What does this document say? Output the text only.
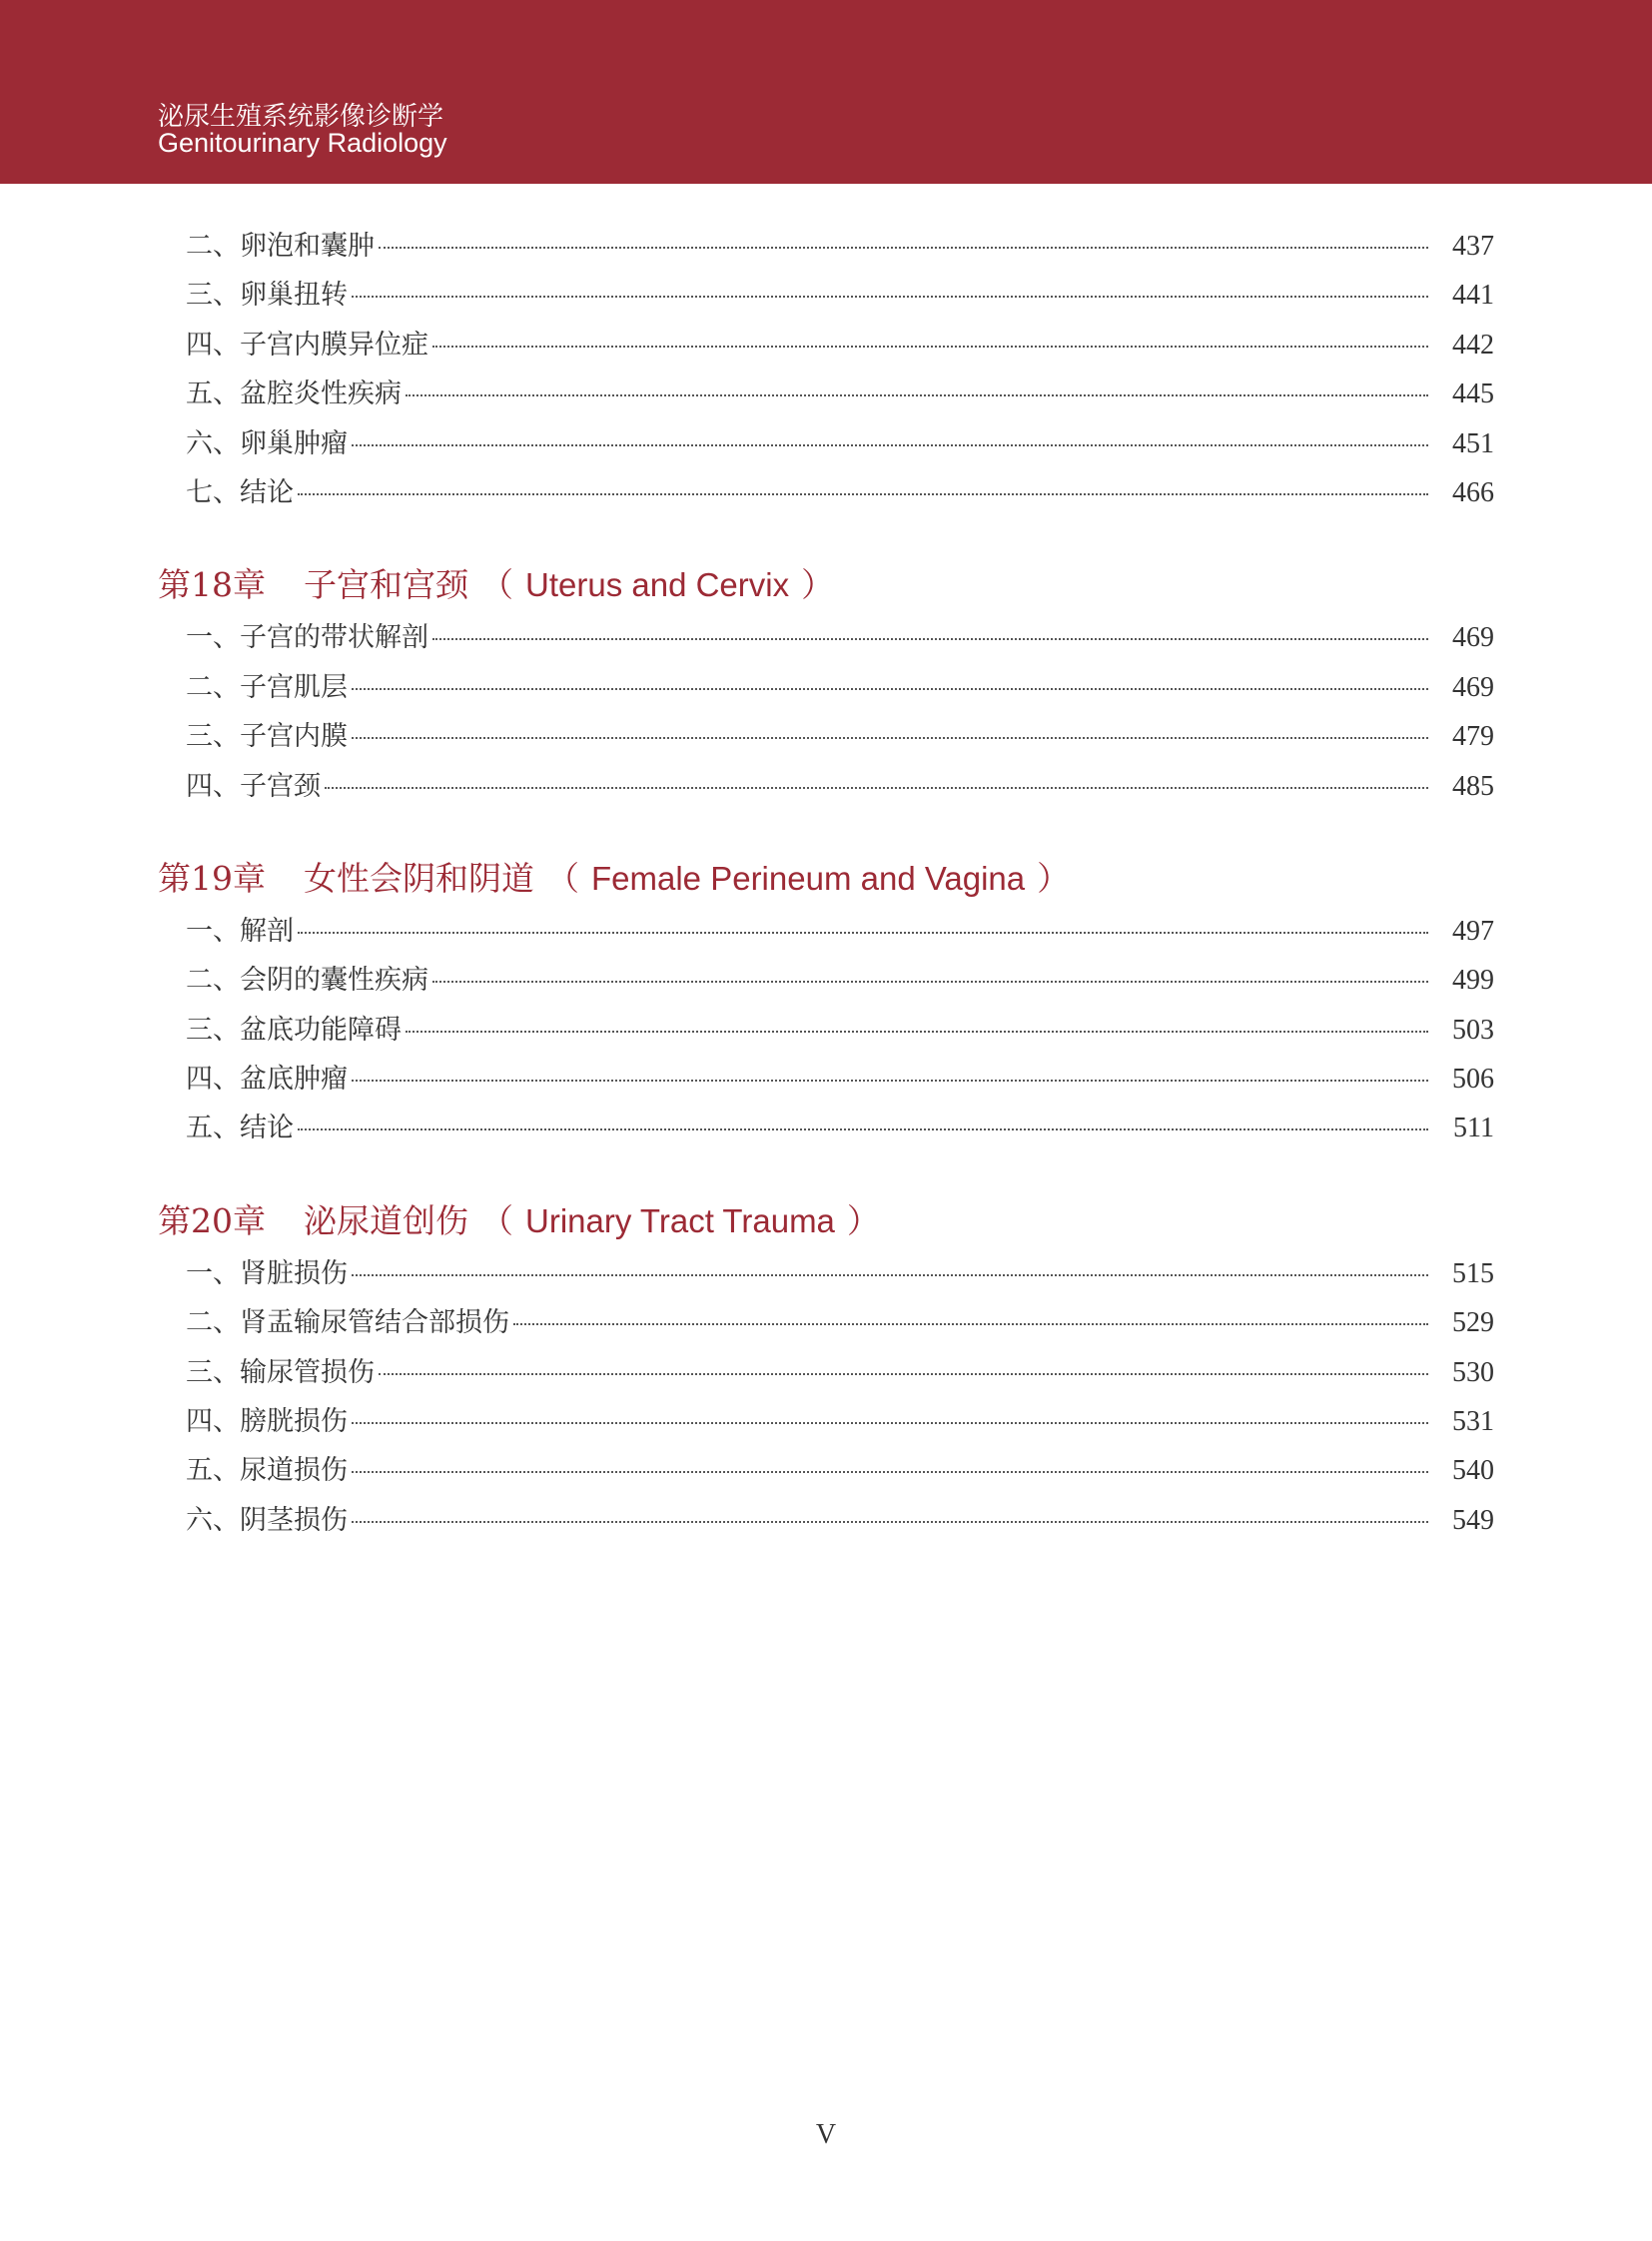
泌尿生殖系统影像诊断学
Genitourinary Radiology
二、卵泡和囊肿	437
三、卵巢扭转	441
四、子宫内膜异位症	442
五、盆腔炎性疾病	445
六、卵巢肿瘤	451
七、结论	466
第18章	子宫和宫颈 （ Uterus and Cervix ）
一、子宫的带状解剖	469
二、子宫肌层	469
三、子宫内膜	479
四、子宫颈	485
第19章	女性会阴和阴道 （ Female Perineum and Vagina ）
一、解剖	497
二、会阴的囊性疾病	499
三、盆底功能障碍	503
四、盆底肿瘤	506
五、结论	511
第20章	泌尿道创伤 （ Urinary Tract Trauma ）
一、肾脏损伤	515
二、肾盂输尿管结合部损伤	529
三、输尿管损伤	530
四、膀胱损伤	531
五、尿道损伤	540
六、阴茎损伤	549
V
